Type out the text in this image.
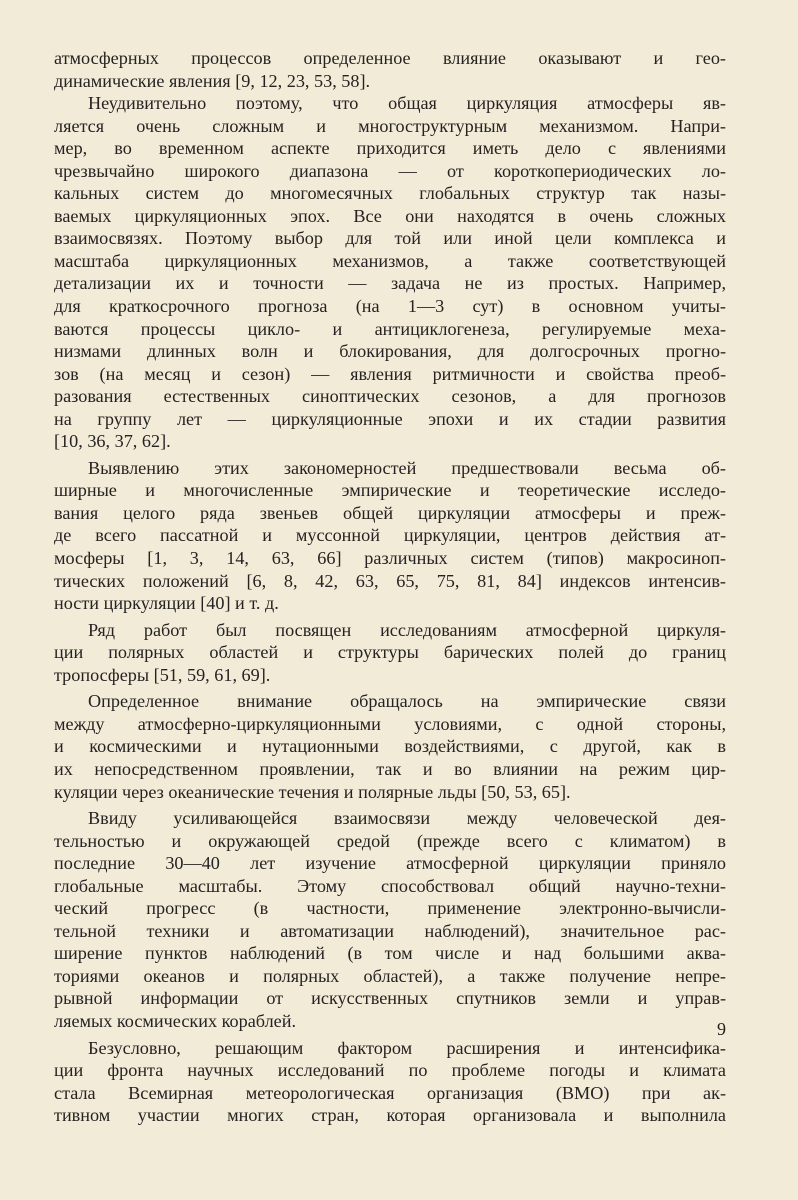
атмосферных процессов определенное влияние оказывают и гео-
динамические явления [9, 12, 23, 53, 58].
Неудивительно поэтому, что общая циркуляция атмосферы яв-
ляется очень сложным и многоструктурным механизмом. Напри-
мер, во временном аспекте приходится иметь дело с явлениями
чрезвычайно широкого диапазона — от короткопериодических ло-
кальных систем до многомесячных глобальных структур так назы-
ваемых циркуляционных эпох. Все они находятся в очень сложных
взаимосвязях. Поэтому выбор для той или иной цели комплекса и
масштаба циркуляционных механизмов, а также соответствующей
детализации их и точности — задача не из простых. Например,
для краткосрочного прогноза (на 1—3 сут) в основном учиты-
ваются процессы цикло- и антициклогенеза, регулируемые меха-
низмами длинных волн и блокирования, для долгосрочных прогно-
зов (на месяц и сезон) — явления ритмичности и свойства преоб-
разования естественных синоптических сезонов, а для прогнозов
на группу лет — циркуляционные эпохи и их стадии развития
[10, 36, 37, 62].
Выявлению этих закономерностей предшествовали весьма об-
ширные и многочисленные эмпирические и теоретические исследо-
вания целого ряда звеньев общей циркуляции атмосферы и преж-
де всего пассатной и муссонной циркуляции, центров действия ат-
мосферы [1, 3, 14, 63, 66] различных систем (типов) макросиноп-
тических положений [6, 8, 42, 63, 65, 75, 81, 84] индексов интенсив-
ности циркуляции [40] и т. д.
Ряд работ был посвящен исследованиям атмосферной циркуля-
ции полярных областей и структуры барических полей до границ
тропосферы [51, 59, 61, 69].
Определенное внимание обращалось на эмпирические связи
между атмосферно-циркуляционными условиями, с одной стороны,
и космическими и нутационными воздействиями, с другой, как в
их непосредственном проявлении, так и во влиянии на режим цир-
куляции через океанические течения и полярные льды [50, 53, 65].
Ввиду усиливающейся взаимосвязи между человеческой дея-
тельностью и окружающей средой (прежде всего с климатом) в
последние 30—40 лет изучение атмосферной циркуляции приняло
глобальные масштабы. Этому способствовал общий научно-техни-
ческий прогресс (в частности, применение электронно-вычисли-
тельной техники и автоматизации наблюдений), значительное рас-
ширение пунктов наблюдений (в том числе и над большими аква-
ториями океанов и полярных областей), а также получение непре-
рывной информации от искусственных спутников земли и управ-
ляемых космических кораблей.
Безусловно, решающим фактором расширения и интенсифика-
ции фронта научных исследований по проблеме погоды и климата
стала Всемирная метеорологическая организация (ВМО) при ак-
тивном участии многих стран, которая организовала и выполнила
9
